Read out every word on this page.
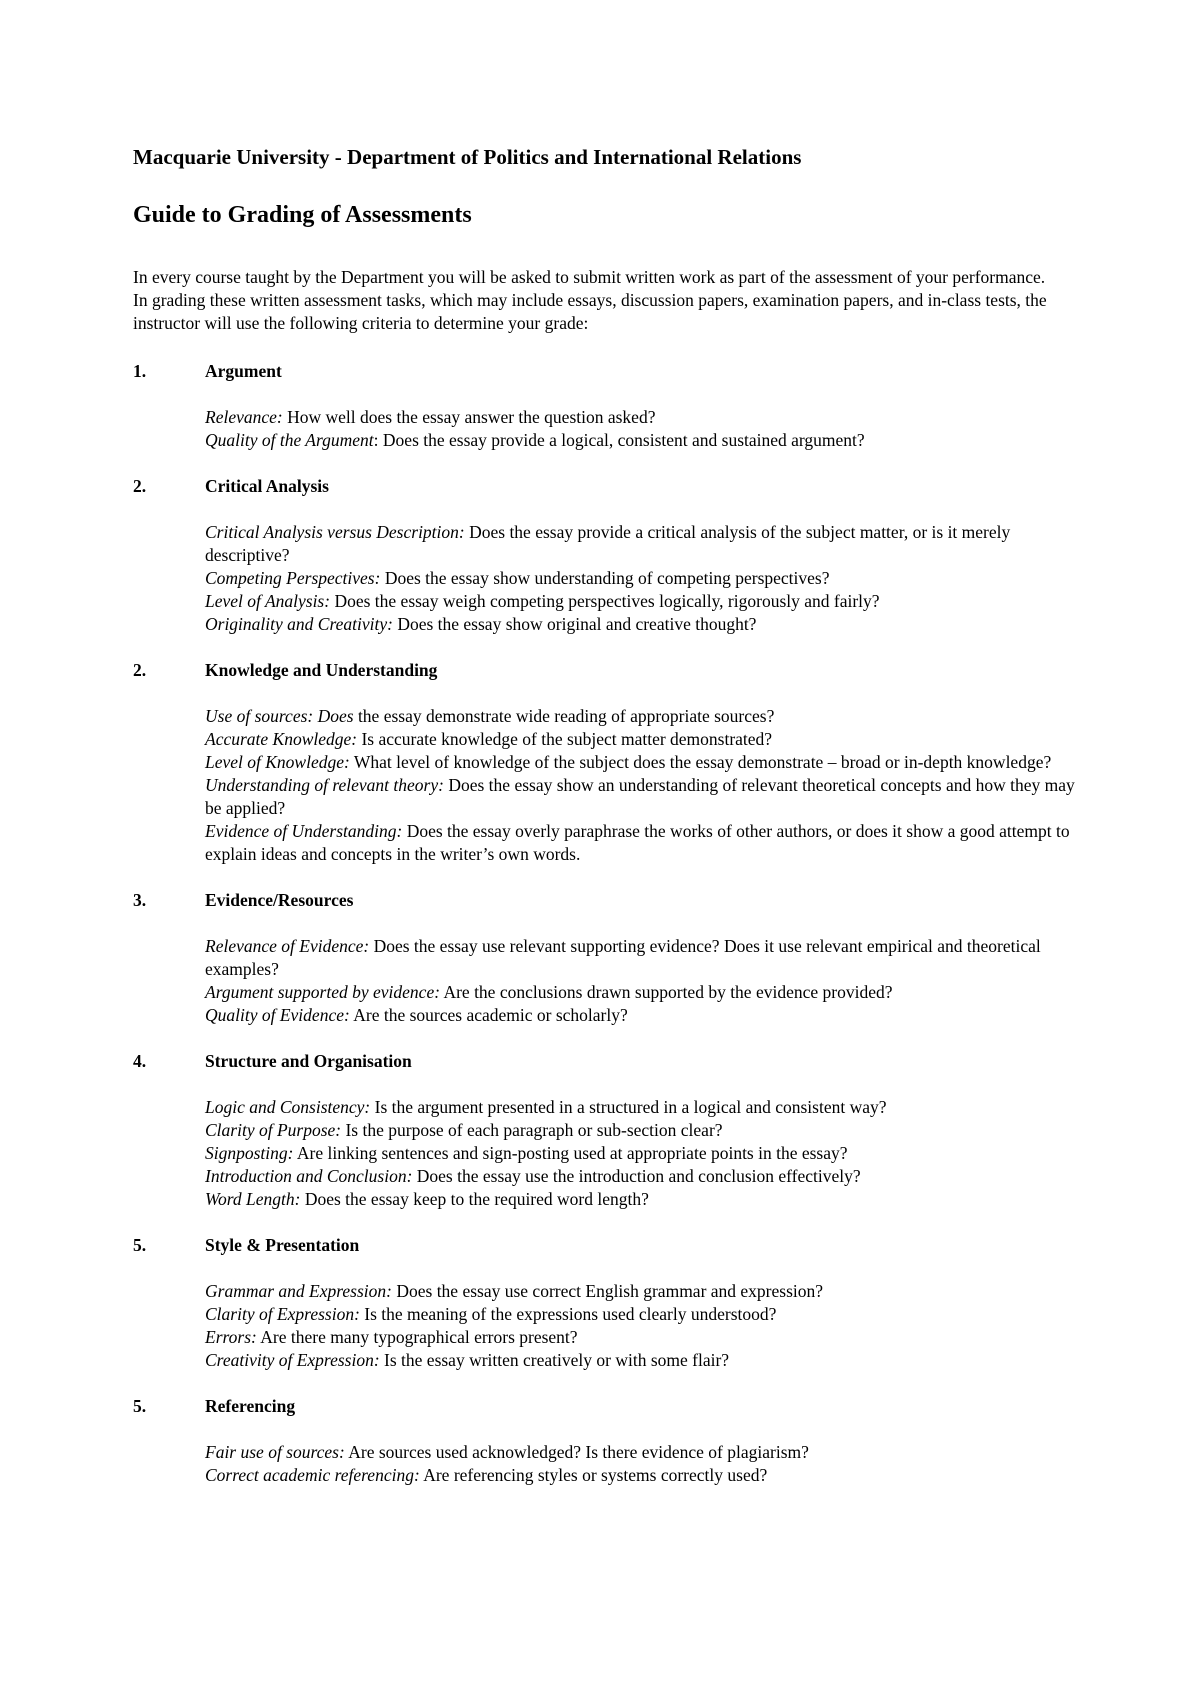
Macquarie University - Department of Politics and International Relations
Guide to Grading of Assessments
In every course taught by the Department you will be asked to submit written work as part of the assessment of your performance. In grading these written assessment tasks, which may include essays, discussion papers, examination papers, and in-class tests, the instructor will use the following criteria to determine your grade:
1.	Argument
Relevance: How well does the essay answer the question asked?
Quality of the Argument: Does the essay provide a logical, consistent and sustained argument?
2.	Critical Analysis
Critical Analysis versus Description: Does the essay provide a critical analysis of the subject matter, or is it merely descriptive?
Competing Perspectives: Does the essay show understanding of competing perspectives?
Level of Analysis: Does the essay weigh competing perspectives logically, rigorously and fairly?
Originality and Creativity: Does the essay show original and creative thought?
2.	Knowledge and Understanding
Use of sources: Does the essay demonstrate wide reading of appropriate sources?
Accurate Knowledge: Is accurate knowledge of the subject matter demonstrated?
Level of Knowledge: What level of knowledge of the subject does the essay demonstrate – broad or in-depth knowledge?
Understanding of relevant theory: Does the essay show an understanding of relevant theoretical concepts and how they may be applied?
Evidence of Understanding: Does the essay overly paraphrase the works of other authors, or does it show a good attempt to explain ideas and concepts in the writer’s own words.
3.	Evidence/Resources
Relevance of Evidence: Does the essay use relevant supporting evidence? Does it use relevant empirical and theoretical examples?
Argument supported by evidence: Are the conclusions drawn supported by the evidence provided?
Quality of Evidence: Are the sources academic or scholarly?
4.	Structure and Organisation
Logic and Consistency: Is the argument presented in a structured in a logical and consistent way?
Clarity of Purpose: Is the purpose of each paragraph or sub-section clear?
Signposting: Are linking sentences and sign-posting used at appropriate points in the essay?
Introduction and Conclusion: Does the essay use the introduction and conclusion effectively?
Word Length: Does the essay keep to the required word length?
5.	Style & Presentation
Grammar and Expression: Does the essay use correct English grammar and expression?
Clarity of Expression: Is the meaning of the expressions used clearly understood?
Errors: Are there many typographical errors present?
Creativity of Expression: Is the essay written creatively or with some flair?
5.	Referencing
Fair use of sources: Are sources used acknowledged? Is there evidence of plagiarism?
Correct academic referencing: Are referencing styles or systems correctly used?
